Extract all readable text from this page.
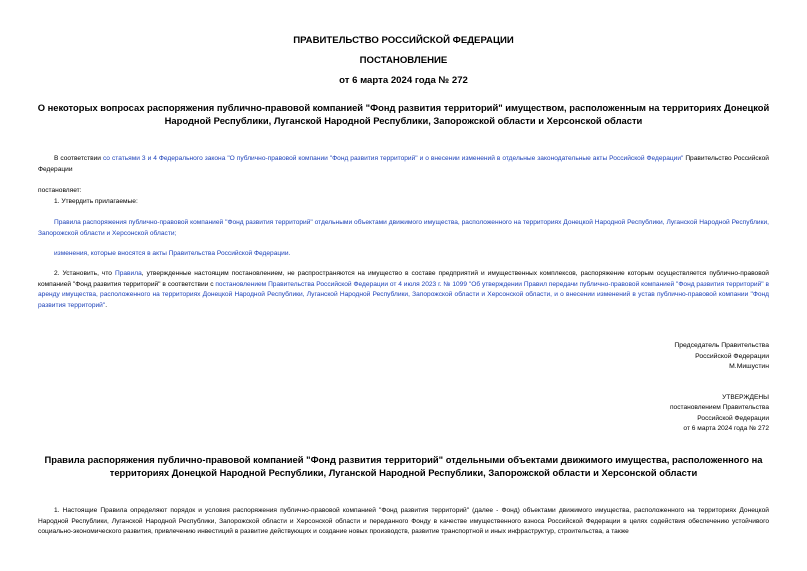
ПРАВИТЕЛЬСТВО РОССИЙСКОЙ ФЕДЕРАЦИИ

ПОСТАНОВЛЕНИЕ

от 6 марта 2024 года № 272

О некоторых вопросах распоряжения публично-правовой компанией "Фонд развития территорий" имуществом, расположенным на территориях Донецкой Народной Республики, Луганской Народной Республики, Запорожской области и Херсонской области

В соответствии со статьями 3 и 4 Федерального закона "О публично-правовой компании "Фонд развития территорий" и о внесении изменений в отдельные законодательные акты Российской Федерации" Правительство Российской Федерации

постановляет:

1. Утвердить прилагаемые:

Правила распоряжения публично-правовой компанией "Фонд развития территорий" отдельными объектами движимого имущества, расположенного на территориях Донецкой Народной Республики, Луганской Народной Республики, Запорожской области и Херсонской области;

изменения, которые вносятся в акты Правительства Российской Федерации.

2. Установить, что Правила, утвержденные настоящим постановлением, не распространяются на имущество в составе предприятий и имущественных комплексов, распоряжение которым осуществляется публично-правовой компанией "Фонд развития территорий" в соответствии с постановлением Правительства Российской Федерации от 4 июля 2023 г. № 1099 "Об утверждении Правил передачи публично-правовой компанией "Фонд развития территорий" в аренду имущества, расположенного на территориях Донецкой Народной Республики, Луганской Народной Республики, Запорожской области и Херсонской области, и о внесении изменений в устав публично-правовой компании "Фонд развития территорий".

Председатель Правительства
Российской Федерации
М.Мишустин

УТВЕРЖДЕНЫ
постановлением Правительства
Российской Федерации
от 6 марта 2024 года № 272

Правила распоряжения публично-правовой компанией "Фонд развития территорий" отдельными объектами движимого имущества, расположенного на территориях Донецкой Народной Республики, Луганской Народной Республики, Запорожской области и Херсонской области

1. Настоящие Правила определяют порядок и условия распоряжения публично-правовой компанией "Фонд развития территорий" (далее - Фонд) объектами движимого имущества, расположенного на территориях Донецкой Народной Республики, Луганской Народной Республики, Запорожской области и Херсонской области и переданного Фонду в качестве имущественного взноса Российской Федерации в целях содействия обеспечению устойчивого социально-экономического развития, привлечению инвестиций в развитие действующих и создание новых производств, развитие транспортной и иных инфраструктур, строительства, а также
